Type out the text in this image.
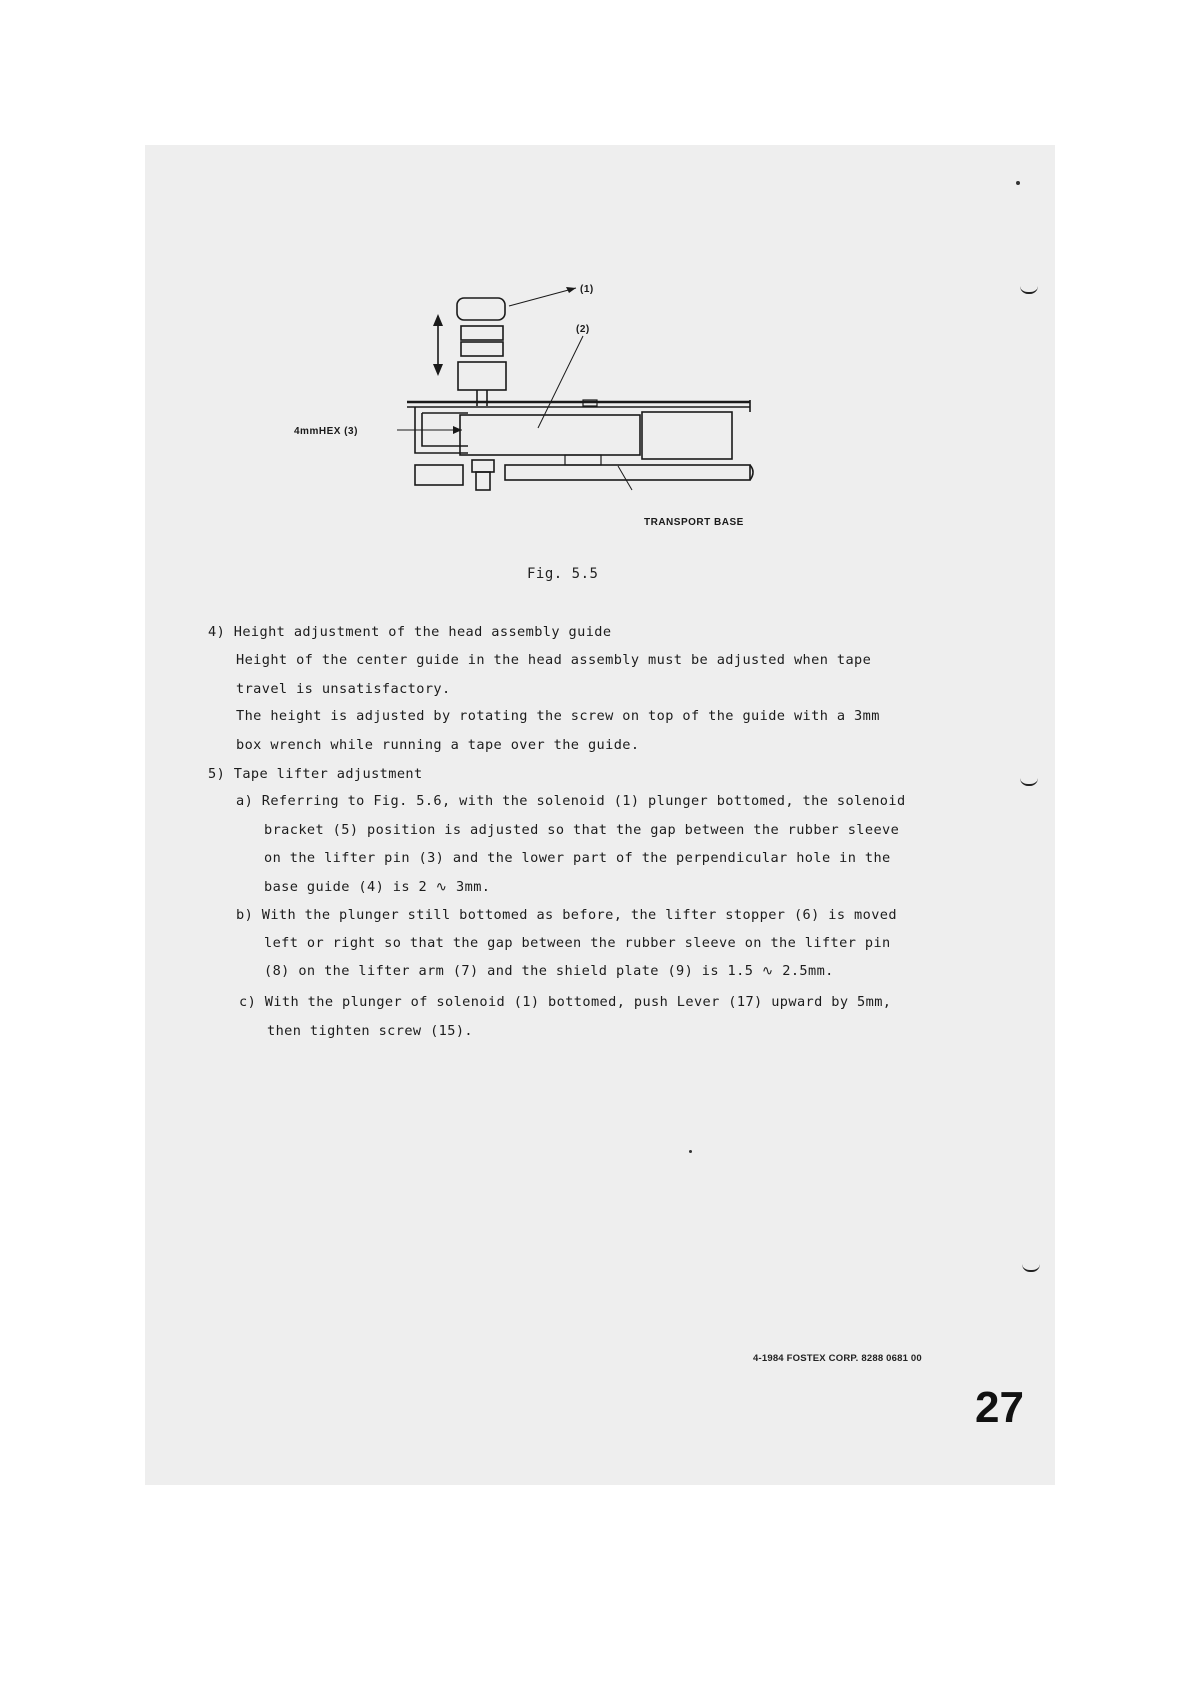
(1)
(2)
4mmHEX (3)
TRANSPORT BASE
Fig. 5.5
4) Height adjustment of the head assembly guide
Height of the center guide in the head assembly must be adjusted when tape
travel is unsatisfactory.
The height is adjusted by rotating the screw on top of the guide with a 3mm
box wrench while running a tape over the guide.
5) Tape lifter adjustment
a) Referring to Fig. 5.6, with the solenoid (1) plunger bottomed, the solenoid
bracket (5) position is adjusted so that the gap between the rubber sleeve
on the lifter pin (3) and the lower part of the perpendicular hole in the
base guide (4) is 2 ∿ 3mm.
b) With the plunger still bottomed as before, the lifter stopper (6) is moved
left or right so that the gap between the rubber sleeve on the lifter pin
(8) on the lifter arm (7) and the shield plate (9) is 1.5 ∿ 2.5mm.
c) With the plunger of solenoid (1) bottomed, push Lever (17) upward by 5mm,
then tighten screw (15).
4-1984 FOSTEX CORP. 8288 0681 00
27
